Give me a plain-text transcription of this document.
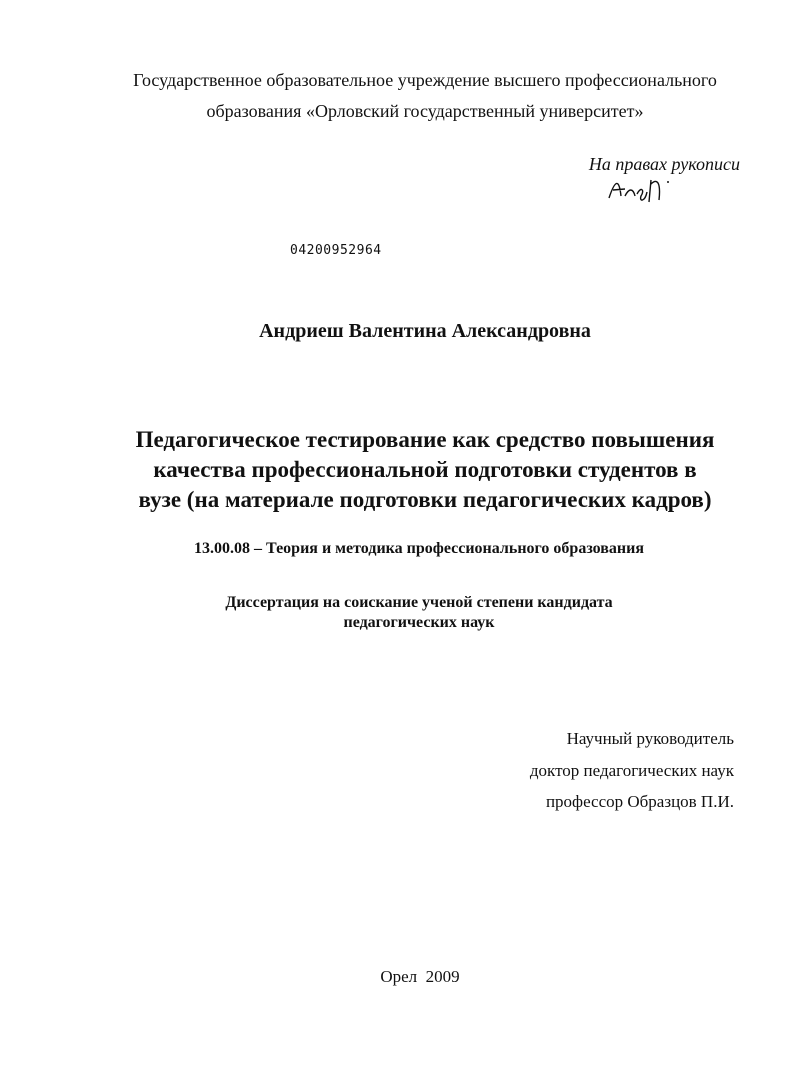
Государственное образовательное учреждение высшего профессионального
образования «Орловский государственный университет»
На правах рукописи
04200952964
Андриеш Валентина Александровна
Педагогическое тестирование как средство повышения
качества профессиональной подготовки студентов в
вузе (на материале подготовки педагогических кадров)
13.00.08 – Теория и методика профессионального образования
Диссертация на соискание ученой степени кандидата
педагогических наук
Научный руководитель
доктор педагогических наук
профессор Образцов П.И.
Орел  2009
